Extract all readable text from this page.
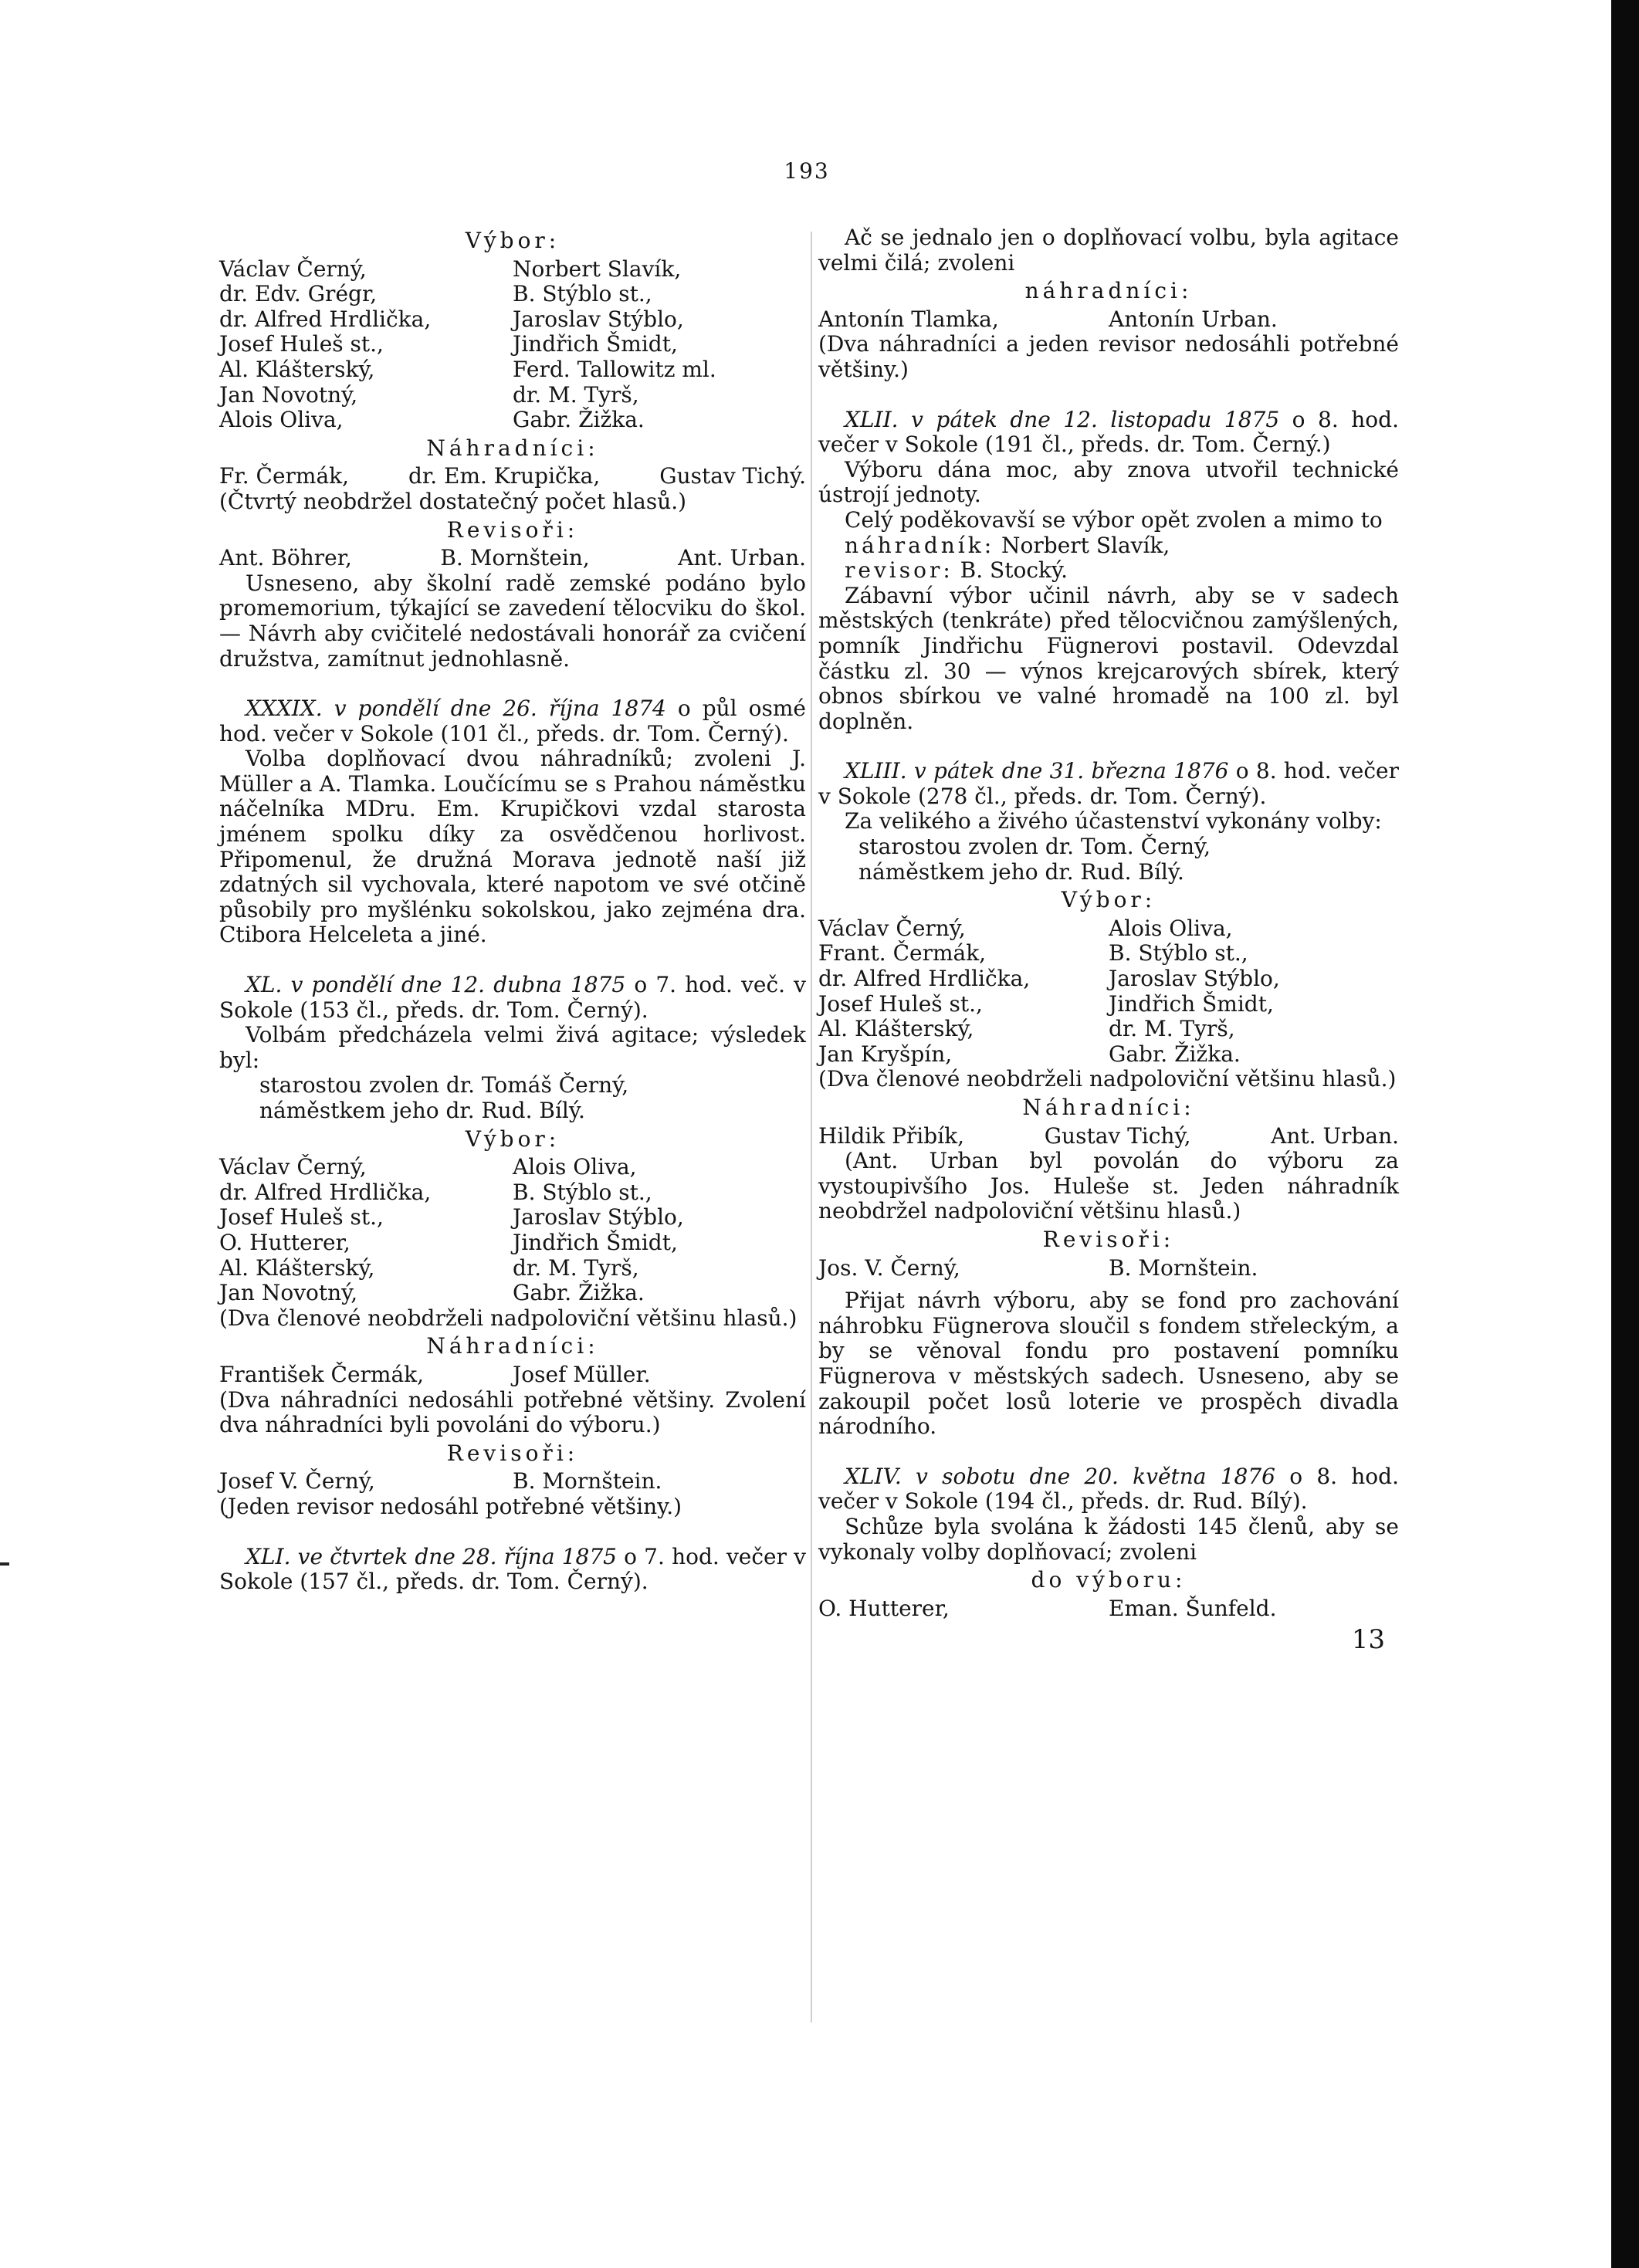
193

Výbor:

Václav Černý,	Norbert Slavík,
dr. Edv. Grégr,	B. Stýblo st.,
dr. Alfred Hrdlička,	Jaroslav Stýblo,
Josef Huleš st.,	Jindřich Šmidt,
Al. Klášterský,	Ferd. Tallowitz ml.
Jan Novotný,	dr. M. Tyrš,
Alois Oliva,	Gabr. Žižka.

Náhradníci:

Fr. Čermák,	dr. Em. Krupička,	Gustav Tichý.

(Čtvrtý neobdržel dostatečný počet hlasů.)

Revisoři:

Ant. Böhrer,	B. Mornštein,	Ant. Urban.

Usneseno, aby školní radě zemské podáno bylo promemorium, týkající se zavedení tělocviku do škol. — Návrh aby cvičitelé nedostávali honorář za cvičení družstva, zamítnut jednohlasně.

XXXIX. v pondělí dne 26. října 1874 o půl osmé hod. večer v Sokole (101 čl., předs. dr. Tom. Černý).

Volba doplňovací dvou náhradníků; zvoleni J. Müller a A. Tlamka. Loučícímu se s Prahou náměstku náčelníka MDru. Em. Krupičkovi vzdal starosta jménem spolku díky za osvědčenou horlivost. Připomenul, že družná Morava jednotě naší již zdatných sil vychovala, které napotom ve své otčině působily pro myšlénku sokolskou, jako zejména dra. Ctibora Helceleta a jiné.

XL. v pondělí dne 12. dubna 1875 o 7. hod. več. v Sokole (153 čl., předs. dr. Tom. Černý).

Volbám předcházela velmi živá agitace; výsledek byl:

starostou zvolen dr. Tomáš Černý,

náměstkem jeho dr. Rud. Bílý.

Výbor:

Václav Černý,	Alois Oliva,
dr. Alfred Hrdlička,	B. Stýblo st.,
Josef Huleš st.,	Jaroslav Stýblo,
O. Hutterer,	Jindřich Šmidt,
Al. Klášterský,	dr. M. Tyrš,
Jan Novotný,	Gabr. Žižka.

(Dva členové neobdrželi nadpoloviční většinu hlasů.)

Náhradníci:

František Čermák,	Josef Müller.

(Dva náhradníci nedosáhli potřebné většiny. Zvolení dva náhradníci byli povoláni do výboru.)

Revisoři:

Josef V. Černý,	B. Mornštein.

(Jeden revisor nedosáhl potřebné většiny.)

XLI. ve čtvrtek dne 28. října 1875 o 7. hod. večer v Sokole (157 čl., předs. dr. Tom. Černý).

Ač se jednalo jen o doplňovací volbu, byla agitace velmi čilá; zvoleni

náhradníci:

Antonín Tlamka,	Antonín Urban.

(Dva náhradníci a jeden revisor nedosáhli potřebné většiny.)

XLII. v pátek dne 12. listopadu 1875 o 8. hod. večer v Sokole (191 čl., předs. dr. Tom. Černý.)

Výboru dána moc, aby znova utvořil technické ústrojí jednoty.

Celý poděkovavší se výbor opět zvolen a mimo to

náhradník: Norbert Slavík,

revisor: B. Stocký.

Zábavní výbor učinil návrh, aby se v sadech městských (tenkráte) před tělocvičnou zamýšlených, pomník Jindřichu Fügnerovi postavil. Odevzdal částku zl. 30 — výnos krejcarových sbírek, který obnos sbírkou ve valné hromadě na 100 zl. byl doplněn.

XLIII. v pátek dne 31. března 1876 o 8. hod. večer v Sokole (278 čl., předs. dr. Tom. Černý).

Za velikého a živého účastenství vykonány volby:

starostou zvolen dr. Tom. Černý,

náměstkem jeho dr. Rud. Bílý.

Výbor:

Václav Černý,	Alois Oliva,
Frant. Čermák,	B. Stýblo st.,
dr. Alfred Hrdlička,	Jaroslav Stýblo,
Josef Huleš st.,	Jindřich Šmidt,
Al. Klášterský,	dr. M. Tyrš,
Jan Kryšpín,	Gabr. Žižka.

(Dva členové neobdrželi nadpoloviční většinu hlasů.)

Náhradníci:

Hildik Přibík,	Gustav Tichý,	Ant. Urban.

(Ant. Urban byl povolán do výboru za vystoupivšího Jos. Huleše st. Jeden náhradník neobdržel nadpoloviční většinu hlasů.)

Revisoři:

Jos. V. Černý,	B. Mornštein.

Přijat návrh výboru, aby se fond pro zachování náhrobku Fügnerova sloučil s fondem střeleckým, a by se věnoval fondu pro postavení pomníku Fügnerova v městských sadech. Usneseno, aby se zakoupil počet losů loterie ve prospěch divadla národního.

XLIV. v sobotu dne 20. května 1876 o 8. hod. večer v Sokole (194 čl., předs. dr. Rud. Bílý).

Schůze byla svolána k žádosti 145 členů, aby se vykonaly volby doplňovací; zvoleni

do výboru:

O. Hutterer,	Eman. Šunfeld.

13
